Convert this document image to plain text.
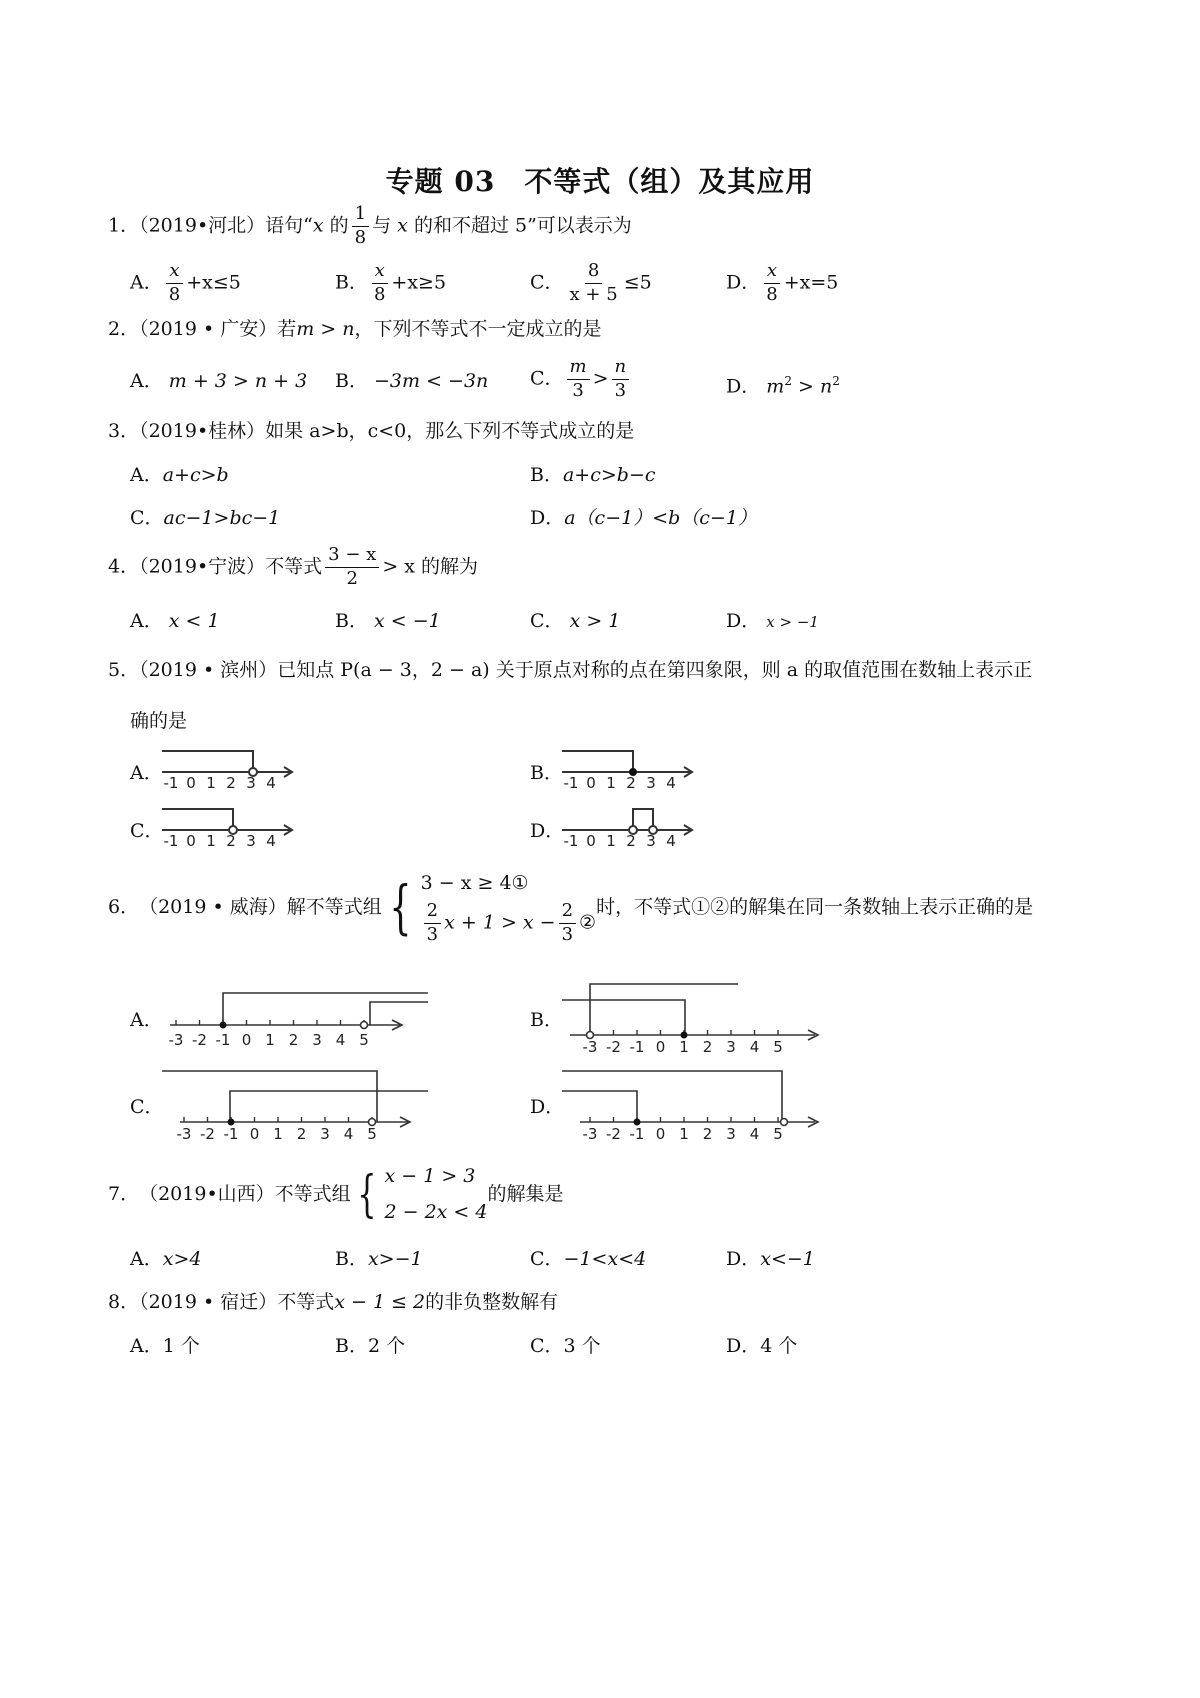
专题 03　不等式（组）及其应用
1．（2019•河北）语句“x 的 $\frac{1}{8}$ 与 x 的和不超过 5”可以表示为
A． $\frac{x}{8} +x\le 5$	B． $\frac{x}{8} +x\ge 5$	C． $\frac{8}{x + 5} \le 5$	D． $\frac{x}{8} +x=5$
2．（2019 • 广安）若m > n，下列不等式不一定成立的是
A． m + 3 > n + 3 B． −3m < −3n C． $\frac{m}{3} > \frac{n}{3}$	D． $m^2 > n^2$
3．（2019•桂林）如果 a>b，c<0，那么下列不等式成立的是
A．a+c>b	B．a+c>b−c
C．ac−1>bc−1	D．a（c−1）<b（c−1）
4．（2019•宁波）不等式 $\frac{3 - x}{2} > x$ 的解为
A． x < 1	B． x < −1	C． x > 1	D． x > −1
5．（2019 • 滨州）已知点 P(a − 3，2 − a) 关于原点对称的点在第四象限，则 a 的取值范围在数轴上表示正
确的是
A． -1 0 1 2 3 4	B． -1 0 1 2 3 4
C． -1 0 1 2 3 4	D． -1 0 1 2 3 4
6． （2019 • 威海） 解不等式组 { 3 − x ≥ 4①
$\frac{2}{3}$ $x + 1 > x - \frac{2}{3}$ ②
时，不等式①②的解集在同一条数轴上表示正确的是
A．
-3 -2 -1 0 1 2 3 4 5
B．
-3 -2 -1 0 1 2 3 4 5
C．
-3 -2 -1 0 1 2 3 4 5
D．
-3 -2 -1 0 1 2 3 4 5
7． （2019•山西） 不等式组 { x − 1 > 3
2 − 2x < 4
的解集是
A．x>4	B．x>−1	C．−1<x<4	D．x<−1
8．（2019 • 宿迁）不等式x − 1 ≤ 2的非负整数解有
A．1 个	B．2 个	C．3 个	D．4 个
